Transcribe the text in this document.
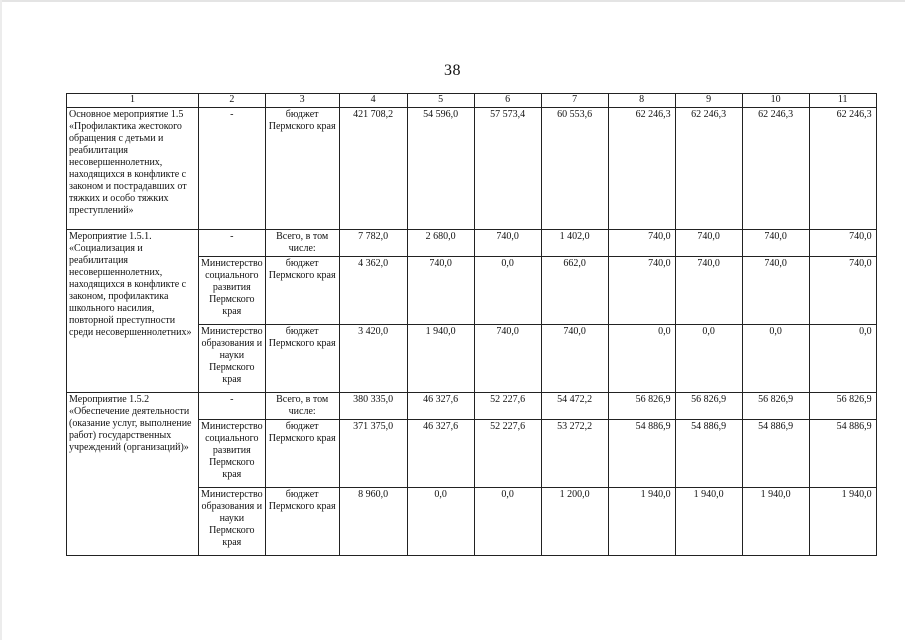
38
1	2	3	4	5	6	7	8	9	10	11
Основное мероприятие 1.5 «Профилактика жестокого обращения с детьми и реабилитация несовершеннолетних, находящихся в конфликте с законом и пострадавших от тяжких и особо тяжких преступлений»	-	бюджет Пермского края	421 708,2	54 596,0	57 573,4	60 553,6	62 246,3	62 246,3	62 246,3	62 246,3
Мероприятие 1.5.1. «Социализация и реабилитация несовершеннолетних, находящихся в конфликте с законом, профилактика школьного насилия, повторной преступности среди несовершеннолетних»	-	Всего, в том числе:	7 782,0	2 680,0	740,0	1 402,0	740,0	740,0	740,0	740,0
	Министерство социального развития Пермского края	бюджет Пермского края	4 362,0	740,0	0,0	662,0	740,0	740,0	740,0	740,0
	Министерство образования и науки Пермского края	бюджет Пермского края	3 420,0	1 940,0	740,0	740,0	0,0	0,0	0,0	0,0
Мероприятие 1.5.2 «Обеспечение деятельности (оказание услуг, выполнение работ) государственных учреждений (организаций)»	-	Всего, в том числе:	380 335,0	46 327,6	52 227,6	54 472,2	56 826,9	56 826,9	56 826,9	56 826,9
	Министерство социального развития Пермского края	бюджет Пермского края	371 375,0	46 327,6	52 227,6	53 272,2	54 886,9	54 886,9	54 886,9	54 886,9
	Министерство образования и науки Пермского края	бюджет Пермского края	8 960,0	0,0	0,0	1 200,0	1 940,0	1 940,0	1 940,0	1 940,0
